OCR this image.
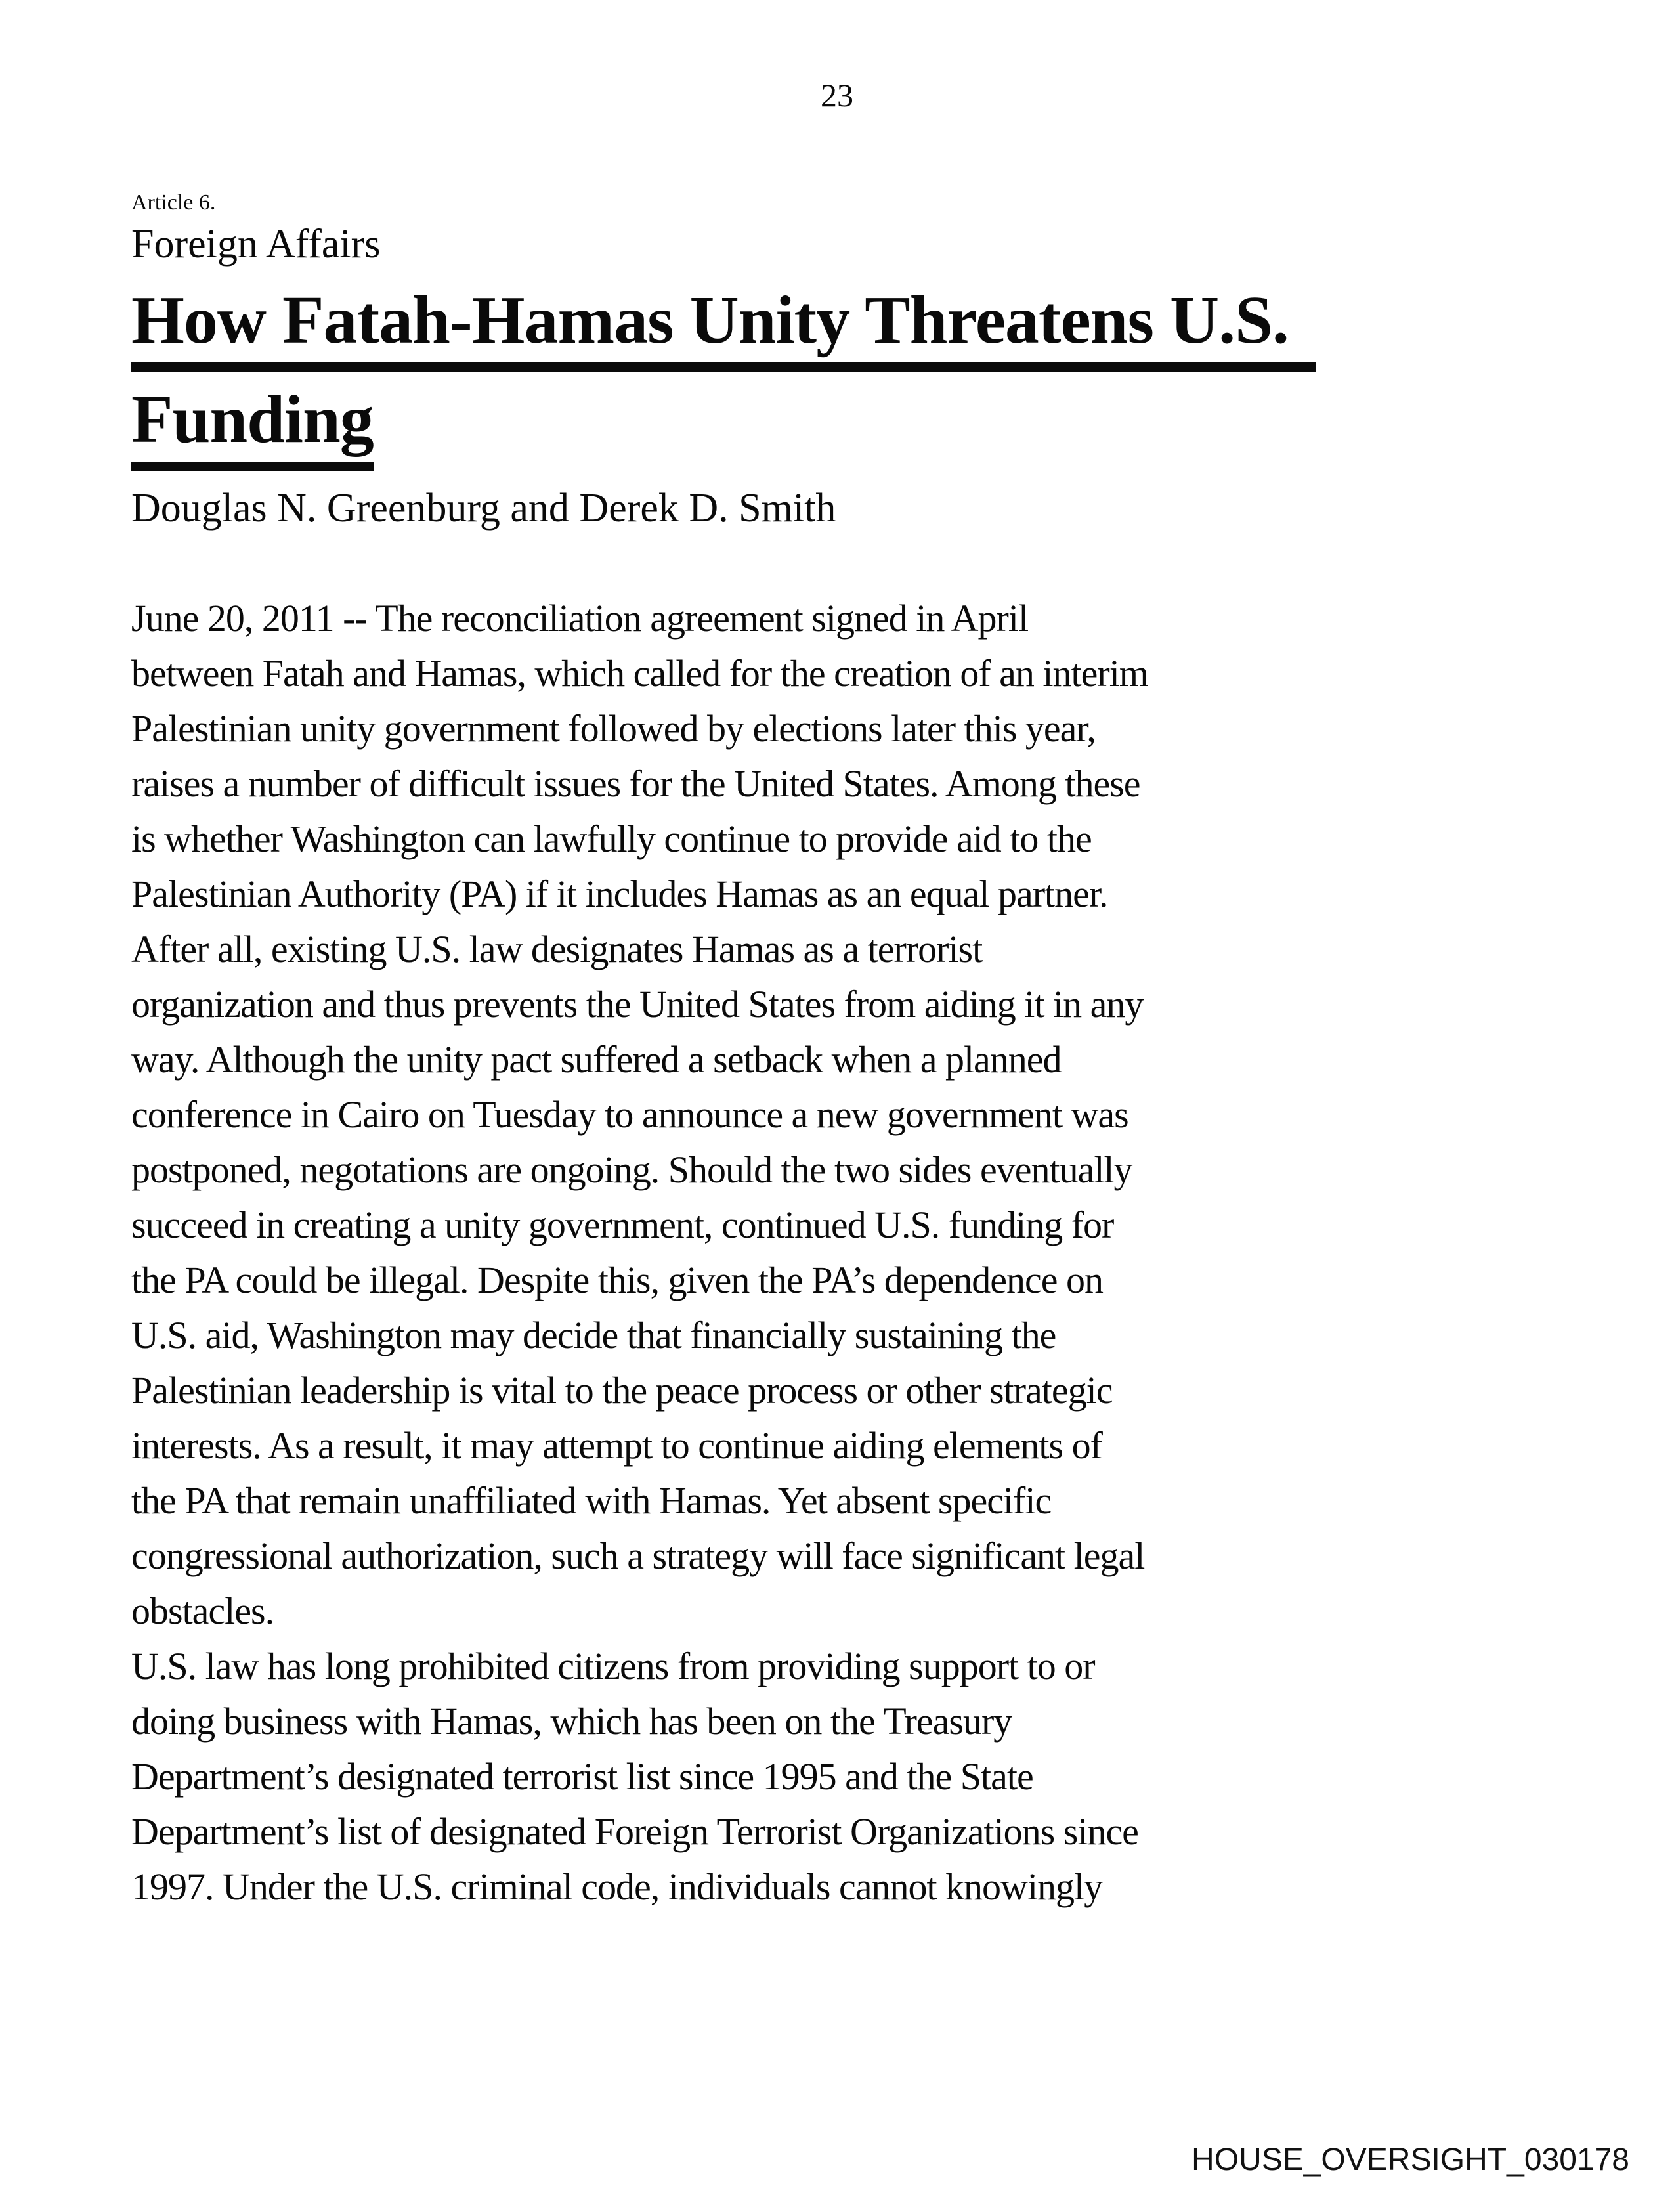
23
Article 6.
Foreign Affairs
How Fatah-Hamas Unity Threatens U.S.
Funding
Douglas N. Greenburg and Derek D. Smith
June 20, 2011 -- The reconciliation agreement signed in April
between Fatah and Hamas, which called for the creation of an interim
Palestinian unity government followed by elections later this year,
raises a number of difficult issues for the United States. Among these
is whether Washington can lawfully continue to provide aid to the
Palestinian Authority (PA) if it includes Hamas as an equal partner.
After all, existing U.S. law designates Hamas as a terrorist
organization and thus prevents the United States from aiding it in any
way. Although the unity pact suffered a setback when a planned
conference in Cairo on Tuesday to announce a new government was
postponed, negotations are ongoing. Should the two sides eventually
succeed in creating a unity government, continued U.S. funding for
the PA could be illegal. Despite this, given the PA’s dependence on
U.S. aid, Washington may decide that financially sustaining the
Palestinian leadership is vital to the peace process or other strategic
interests. As a result, it may attempt to continue aiding elements of
the PA that remain unaffiliated with Hamas. Yet absent specific
congressional authorization, such a strategy will face significant legal
obstacles.
U.S. law has long prohibited citizens from providing support to or
doing business with Hamas, which has been on the Treasury
Department’s designated terrorist list since 1995 and the State
Department’s list of designated Foreign Terrorist Organizations since
1997. Under the U.S. criminal code, individuals cannot knowingly
HOUSE_OVERSIGHT_030178
